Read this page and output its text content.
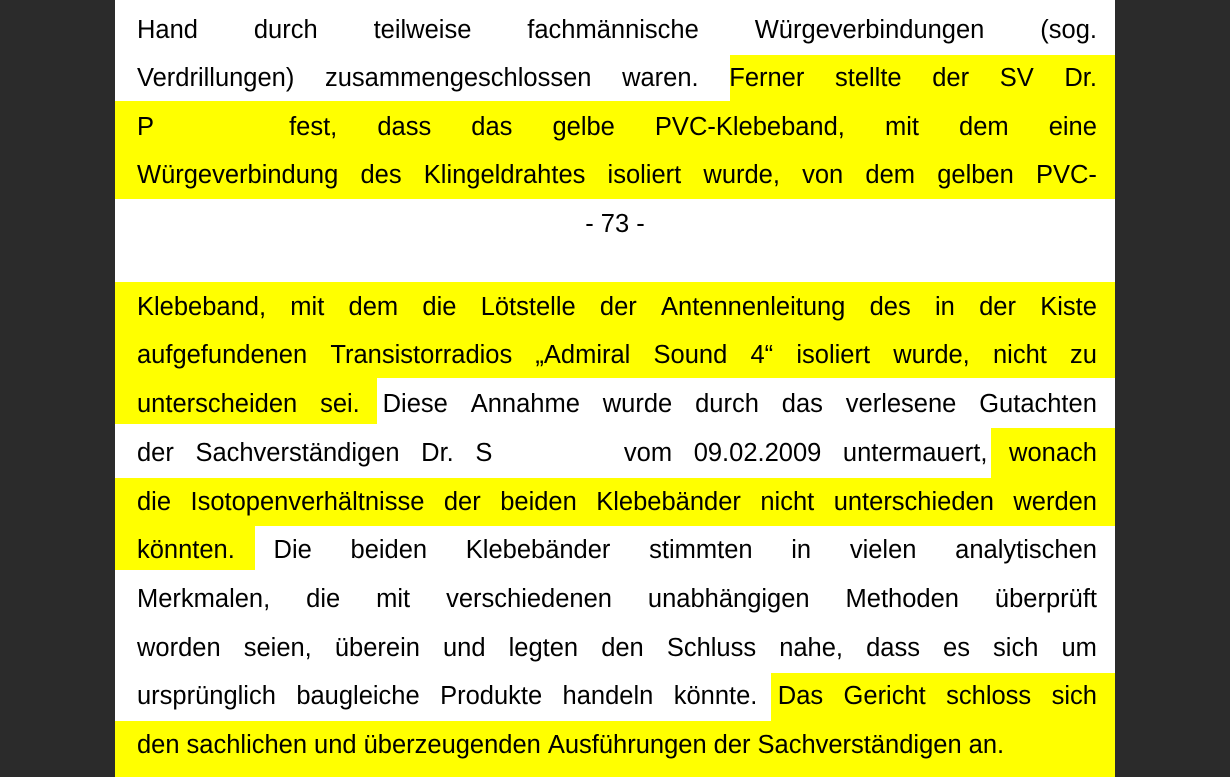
Hand durch teilweise fachmännische Würgeverbindungen (sog.
Verdrillungen) zusammengeschlossen waren. Ferner stellte der SV Dr.
P	fest, dass das gelbe PVC-Klebeband, mit dem eine
Würgeverbindung des Klingeldrahtes isoliert wurde, von dem gelben PVC-
- 73 -
Klebeband, mit dem die Lötstelle der Antennenleitung des in der Kiste
aufgefundenen Transistorradios „Admiral Sound 4“ isoliert wurde, nicht zu
unterscheiden sei. Diese Annahme wurde durch das verlesene Gutachten
der Sachverständigen Dr. S	vom 09.02.2009 untermauert, wonach
die Isotopenverhältnisse der beiden Klebebänder nicht unterschieden werden
könnten. Die beiden Klebebänder stimmten in vielen analytischen
Merkmalen, die mit verschiedenen unabhängigen Methoden überprüft
worden seien, überein und legten den Schluss nahe, dass es sich um
ursprünglich baugleiche Produkte handeln könnte. Das Gericht schloss sich
den sachlichen und überzeugenden Ausführungen der Sachverständigen an.
